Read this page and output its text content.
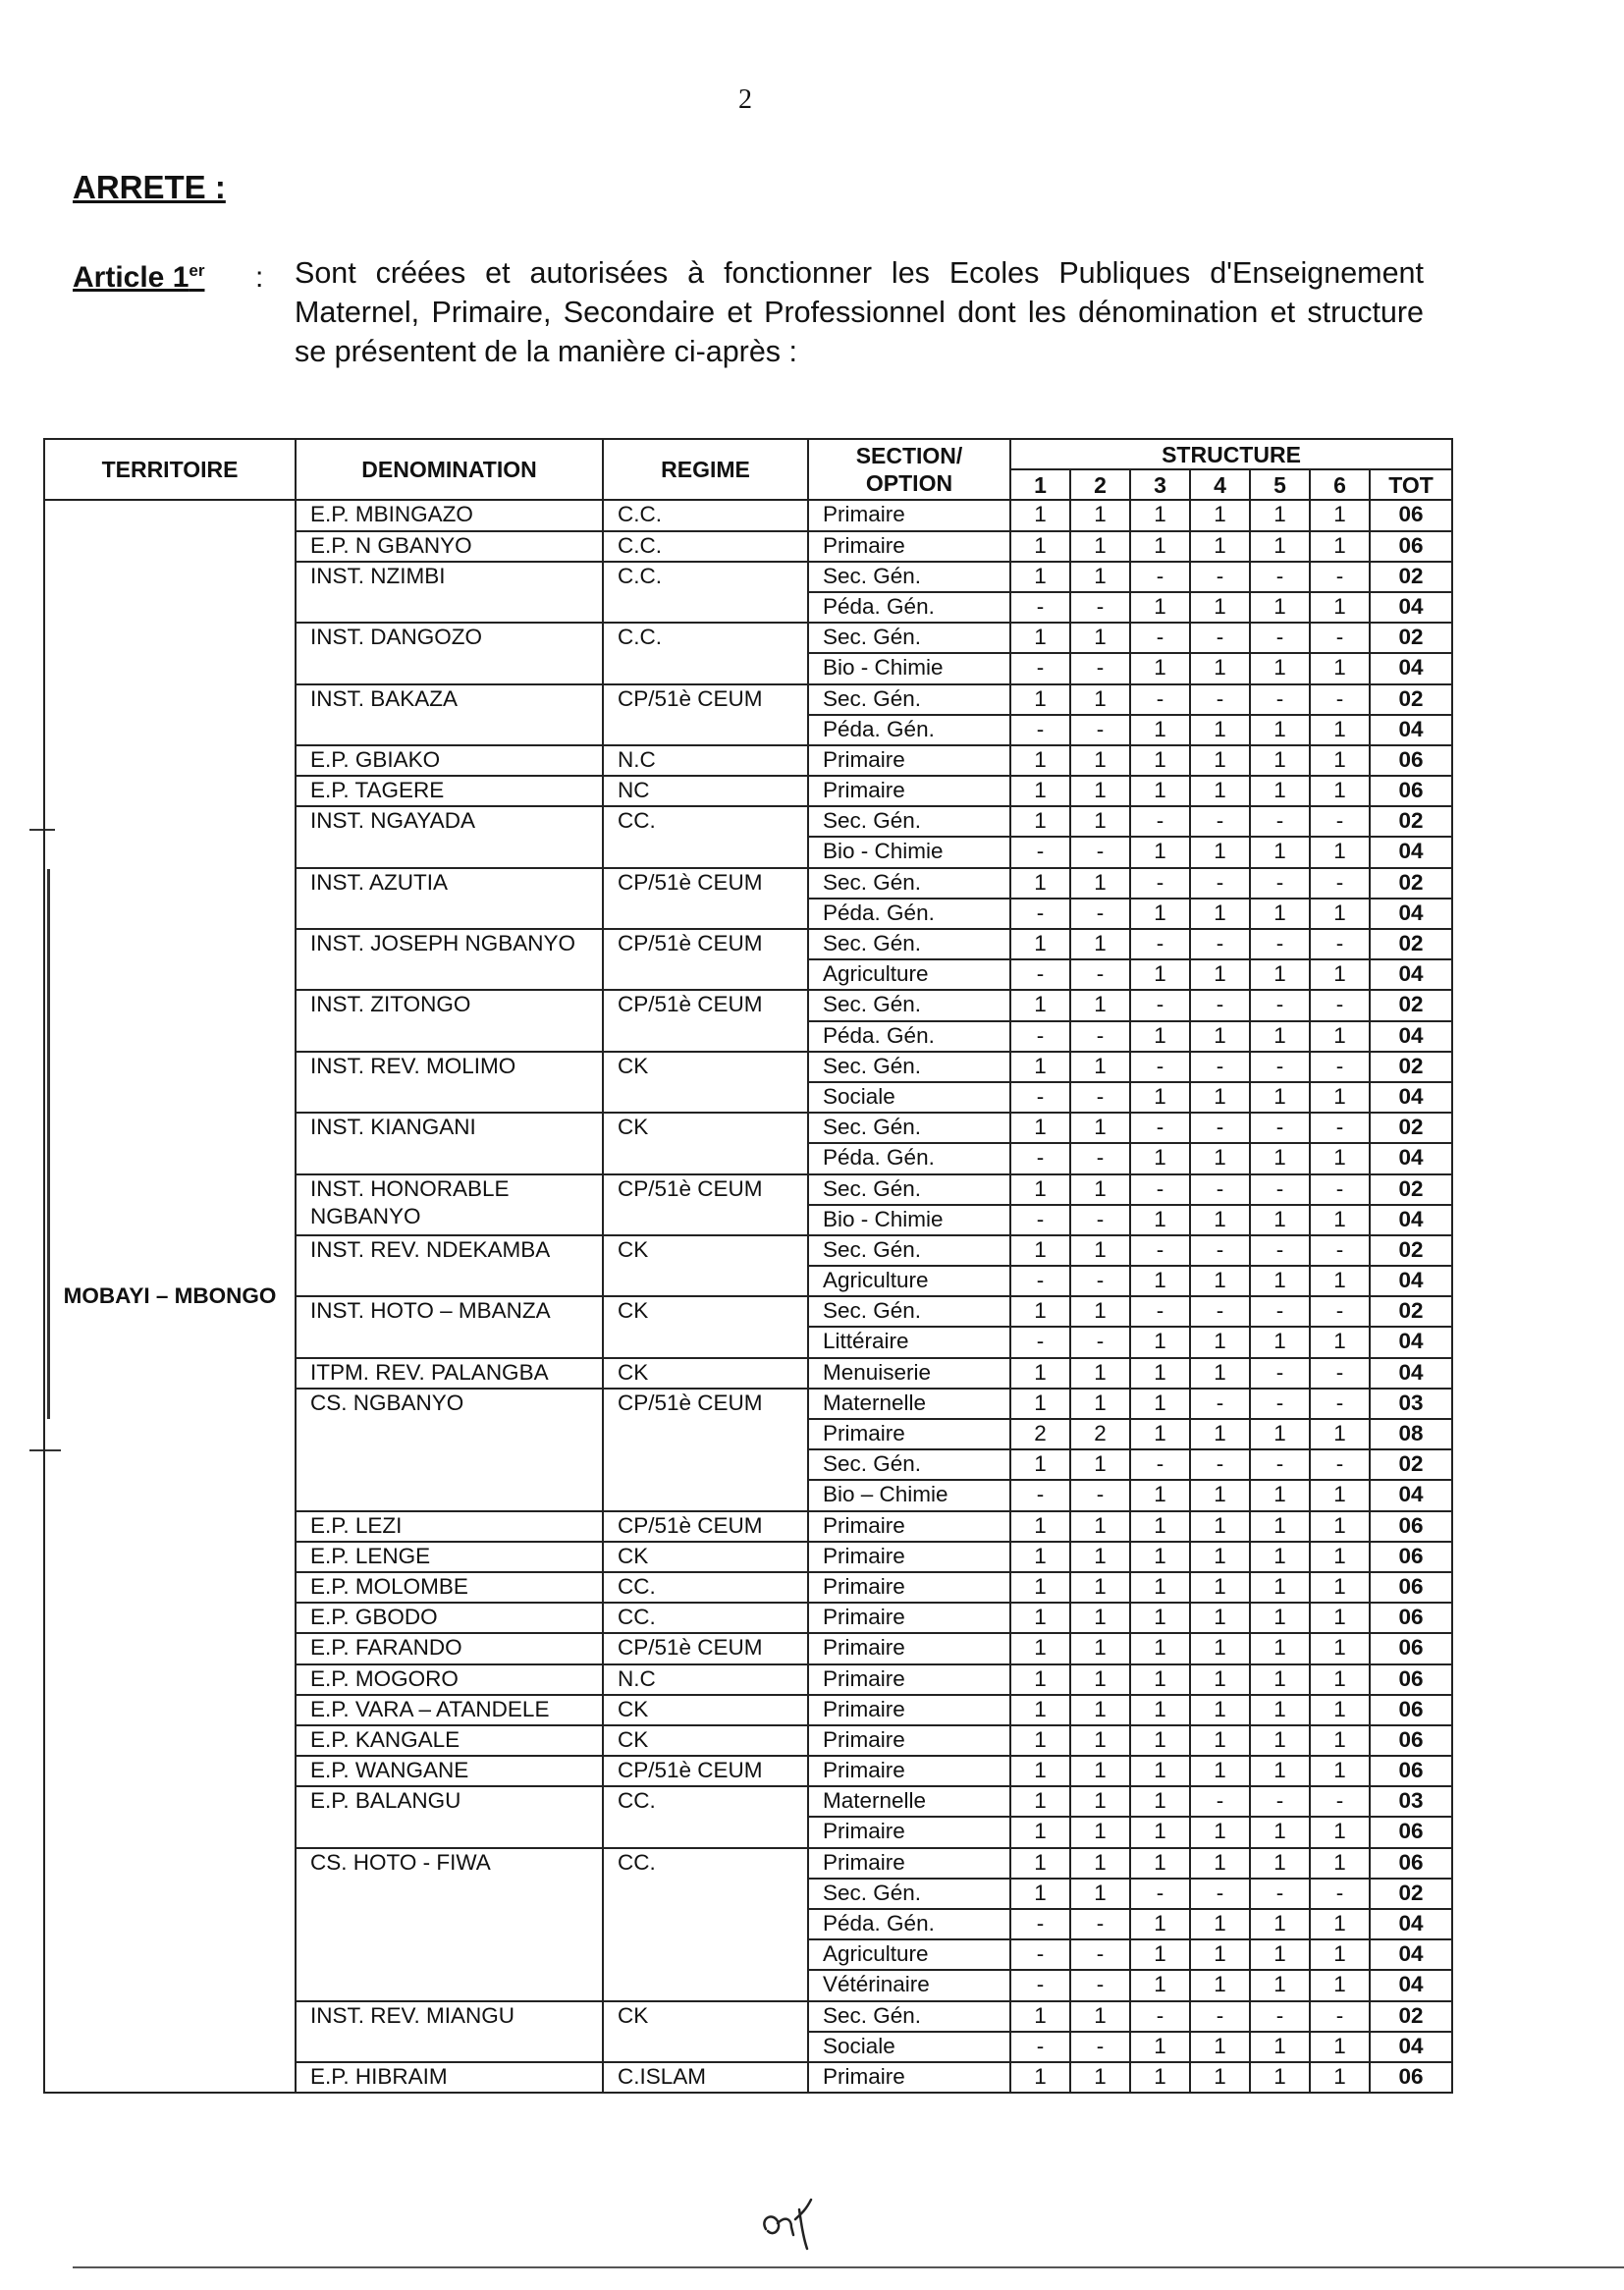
2
ARRETE :
Article 1er : Sont créées et autorisées à fonctionner les Ecoles Publiques d'Enseignement Maternel, Primaire, Secondaire et Professionnel dont les dénomination et structure se présentent de la manière ci-après :
TERRITOIRE	DENOMINATION	REGIME	SECTION/ OPTION	STRUCTURE						
				1	2	3	4	5	6	TOT
MOBAYI – MBONGO	E.P. MBINGAZO	C.C.	Primaire	1	1	1	1	1	1	06
	E.P. N GBANYO	C.C.	Primaire	1	1	1	1	1	1	06
	INST. NZIMBI	C.C.	Sec. Gén.	1	1	-	-	-	-	02
			Péda. Gén.	-	-	1	1	1	1	04
	INST. DANGOZO	C.C.	Sec. Gén.	1	1	-	-	-	-	02
			Bio - Chimie	-	-	1	1	1	1	04
	INST. BAKAZA	CP/51è CEUM	Sec. Gén.	1	1	-	-	-	-	02
			Péda. Gén.	-	-	1	1	1	1	04
	E.P. GBIAKO	N.C	Primaire	1	1	1	1	1	1	06
	E.P. TAGERE	NC	Primaire	1	1	1	1	1	1	06
	INST. NGAYADA	CC.	Sec. Gén.	1	1	-	-	-	-	02
			Bio - Chimie	-	-	1	1	1	1	04
	INST. AZUTIA	CP/51è CEUM	Sec. Gén.	1	1	-	-	-	-	02
			Péda. Gén.	-	-	1	1	1	1	04
	INST. JOSEPH NGBANYO	CP/51è CEUM	Sec. Gén.	1	1	-	-	-	-	02
			Agriculture	-	-	1	1	1	1	04
	INST. ZITONGO	CP/51è CEUM	Sec. Gén.	1	1	-	-	-	-	02
			Péda. Gén.	-	-	1	1	1	1	04
	INST. REV. MOLIMO	CK	Sec. Gén.	1	1	-	-	-	-	02
			Sociale	-	-	1	1	1	1	04
	INST. KIANGANI	CK	Sec. Gén.	1	1	-	-	-	-	02
			Péda. Gén.	-	-	1	1	1	1	04
	INST. HONORABLE NGBANYO	CP/51è CEUM	Sec. Gén.	1	1	-	-	-	-	02
			Bio - Chimie	-	-	1	1	1	1	04
	INST. REV. NDEKAMBA	CK	Sec. Gén.	1	1	-	-	-	-	02
			Agriculture	-	-	1	1	1	1	04
	INST. HOTO – MBANZA	CK	Sec. Gén.	1	1	-	-	-	-	02
			Littéraire	-	-	1	1	1	1	04
	ITPM. REV. PALANGBA	CK	Menuiserie	1	1	1	1	-	-	04
	CS. NGBANYO	CP/51è CEUM	Maternelle	1	1	1	-	-	-	03
			Primaire	2	2	1	1	1	1	08
			Sec. Gén.	1	1	-	-	-	-	02
			Bio – Chimie	-	-	1	1	1	1	04
	E.P. LEZI	CP/51è CEUM	Primaire	1	1	1	1	1	1	06
	E.P. LENGE	CK	Primaire	1	1	1	1	1	1	06
	E.P. MOLOMBE	CC.	Primaire	1	1	1	1	1	1	06
	E.P. GBODO	CC.	Primaire	1	1	1	1	1	1	06
	E.P. FARANDO	CP/51è CEUM	Primaire	1	1	1	1	1	1	06
	E.P. MOGORO	N.C	Primaire	1	1	1	1	1	1	06
	E.P. VARA – ATANDELE	CK	Primaire	1	1	1	1	1	1	06
	E.P. KANGALE	CK	Primaire	1	1	1	1	1	1	06
	E.P. WANGANE	CP/51è CEUM	Primaire	1	1	1	1	1	1	06
	E.P. BALANGU	CC.	Maternelle	1	1	1	-	-	-	03
			Primaire	1	1	1	1	1	1	06
	CS. HOTO - FIWA	CC.	Primaire	1	1	1	1	1	1	06
			Sec. Gén.	1	1	-	-	-	-	02
			Péda. Gén.	-	-	1	1	1	1	04
			Agriculture	-	-	1	1	1	1	04
			Vétérinaire	-	-	1	1	1	1	04
	INST. REV. MIANGU	CK	Sec. Gén.	1	1	-	-	-	-	02
			Sociale	-	-	1	1	1	1	04
	E.P. HIBRAIM	C.ISLAM	Primaire	1	1	1	1	1	1	06
